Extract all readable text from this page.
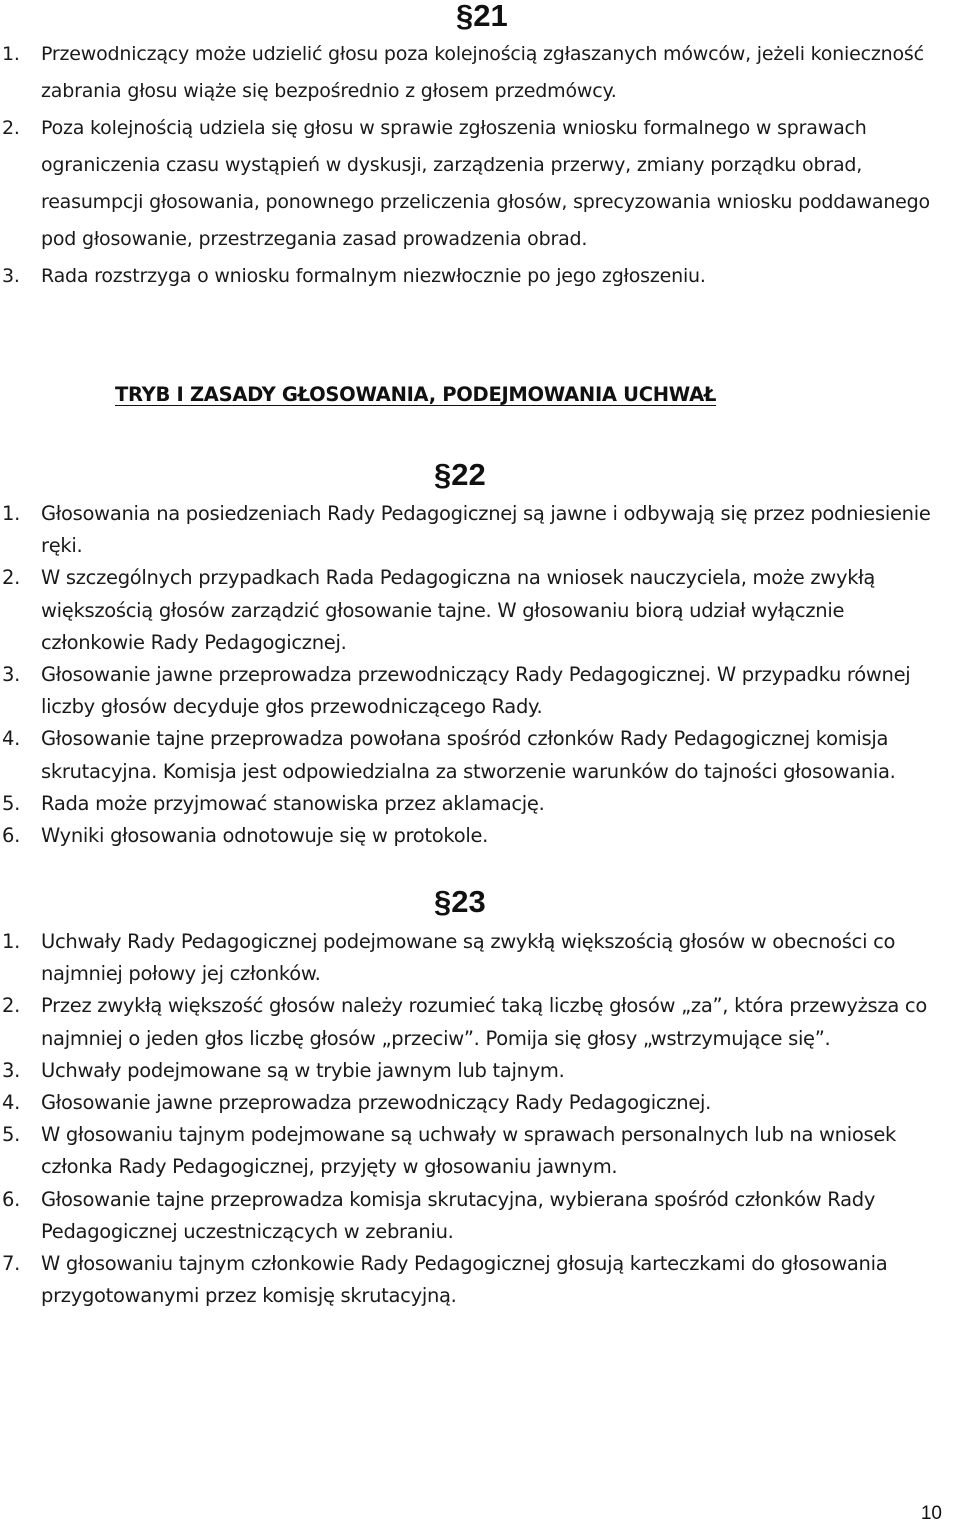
§21
1. Przewodniczący może udzielić głosu poza kolejnością zgłaszanych mówców, jeżeli konieczność zabrania głosu wiąże się bezpośrednio z głosem przedmówcy.
2. Poza kolejnością udziela się głosu w sprawie zgłoszenia wniosku formalnego w sprawach ograniczenia czasu wystąpień w dyskusji, zarządzenia przerwy, zmiany porządku obrad, reasumpcji głosowania, ponownego przeliczenia głosów, sprecyzowania wniosku poddawanego pod głosowanie, przestrzegania zasad prowadzenia obrad.
3. Rada rozstrzyga o wniosku formalnym niezwłocznie po jego zgłoszeniu.
TRYB I ZASADY GŁOSOWANIA, PODEJMOWANIA UCHWAŁ
§22
1. Głosowania na posiedzeniach Rady Pedagogicznej są jawne i odbywają się przez podniesienie ręki.
2. W szczególnych przypadkach Rada Pedagogiczna na wniosek nauczyciela, może zwykłą większością głosów zarządzić głosowanie tajne. W głosowaniu biorą udział wyłącznie członkowie Rady Pedagogicznej.
3. Głosowanie jawne przeprowadza przewodniczący Rady Pedagogicznej. W przypadku równej liczby głosów decyduje głos przewodniczącego Rady.
4. Głosowanie tajne przeprowadza powołana spośród członków Rady Pedagogicznej komisja skrutacyjna. Komisja jest odpowiedzialna za stworzenie warunków do tajności głosowania.
5. Rada może przyjmować stanowiska przez aklamację.
6. Wyniki głosowania odnotowuje się w protokole.
§23
1. Uchwały Rady Pedagogicznej podejmowane są zwykłą większością głosów w obecności co najmniej połowy jej członków.
2. Przez zwykłą większość głosów należy rozumieć taką liczbę głosów „za”, która przewyższa co najmniej o jeden głos liczbę głosów „przeciw”. Pomija się głosy „wstrzymujące się”.
3. Uchwały podejmowane są w trybie jawnym lub tajnym.
4. Głosowanie jawne przeprowadza przewodniczący Rady Pedagogicznej.
5. W głosowaniu tajnym podejmowane są uchwały w sprawach personalnych lub na wniosek członka Rady Pedagogicznej, przyjęty w głosowaniu jawnym.
6. Głosowanie tajne przeprowadza komisja skrutacyjna, wybierana spośród członków Rady Pedagogicznej uczestniczących w zebraniu.
7. W głosowaniu tajnym członkowie Rady Pedagogicznej głosują karteczkami do głosowania przygotowanymi przez komisję skrutacyjną.
10
